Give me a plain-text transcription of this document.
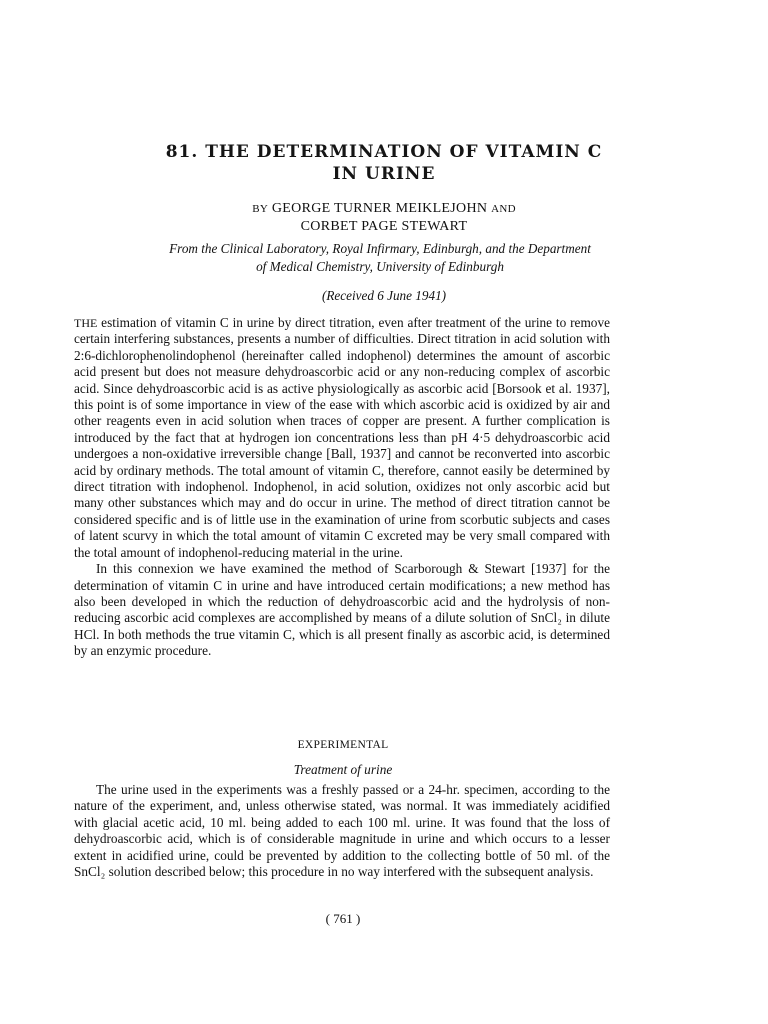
81. THE DETERMINATION OF VITAMIN C
IN URINE
BY GEORGE TURNER MEIKLEJOHN AND
CORBET PAGE STEWART
From the Clinical Laboratory, Royal Infirmary, Edinburgh, and the Department
of Medical Chemistry, University of Edinburgh
(Received 6 June 1941)

THE estimation of vitamin C in urine by direct titration, even after treatment of the urine to remove certain interfering substances, presents a number of difficulties. Direct titration in acid solution with 2:6-dichlorophenolindophenol (hereinafter called indophenol) determines the amount of ascorbic acid present but does not measure dehydroascorbic acid or any non-reducing complex of ascorbic acid. Since dehydroascorbic acid is as active physiologically as ascorbic acid [Borsook et al. 1937], this point is of some importance in view of the ease with which ascorbic acid is oxidized by air and other reagents even in acid solution when traces of copper are present. A further complication is introduced by the fact that at hydrogen ion concentrations less than pH 4·5 dehydroascorbic acid undergoes a non-oxidative irreversible change [Ball, 1937] and cannot be reconverted into ascorbic acid by ordinary methods. The total amount of vitamin C, therefore, cannot easily be determined by direct titration with indophenol. Indophenol, in acid solution, oxidizes not only ascorbic acid but many other substances which may and do occur in urine. The method of direct titration cannot be considered specific and is of little use in the examination of urine from scorbutic subjects and cases of latent scurvy in which the total amount of vitamin C excreted may be very small compared with the total amount of indophenol-reducing material in the urine.

In this connexion we have examined the method of Scarborough & Stewart [1937] for the determination of vitamin C in urine and have introduced certain modifications; a new method has also been developed in which the reduction of dehydroascorbic acid and the hydrolysis of non-reducing ascorbic acid complexes are accomplished by means of a dilute solution of SnCl₂ in dilute HCl. In both methods the true vitamin C, which is all present finally as ascorbic acid, is determined by an enzymic procedure.

EXPERIMENTAL
Treatment of urine

The urine used in the experiments was a freshly passed or a 24-hr. specimen, according to the nature of the experiment, and, unless otherwise stated, was normal. It was immediately acidified with glacial acetic acid, 10 ml. being added to each 100 ml. urine. It was found that the loss of dehydroascorbic acid, which is of considerable magnitude in urine and which occurs to a lesser extent in acidified urine, could be prevented by addition to the collecting bottle of 50 ml. of the SnCl₂ solution described below; this procedure in no way interfered with the subsequent analysis.

( 761 )
